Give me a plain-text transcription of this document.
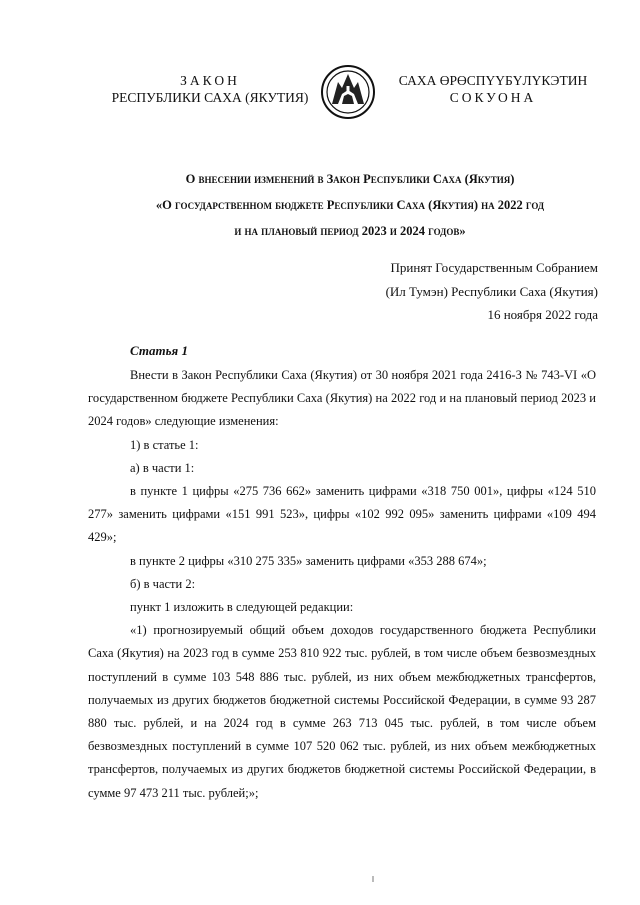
ЗАКОН
РЕСПУБЛИКИ САХА (ЯКУТИЯ)
САХА ӨРӨСПҮҮБҮЛҮКЭТИН
СОКУОНА
О внесении изменений в Закон Республики Саха (Якутия)
«О государственном бюджете Республики Саха (Якутия) на 2022 год
и на плановый период 2023 и 2024 годов»
Принят Государственным Собранием
(Ил Тумэн) Республики Саха (Якутия)
16 ноября 2022 года
Статья 1

Внести в Закон Республики Саха (Якутия) от 30 ноября 2021 года 2416-З № 743-VI «О государственном бюджете Республики Саха (Якутия) на 2022 год и на плановый период 2023 и 2024 годов» следующие изменения:

1) в статье 1:

а) в части 1:

в пункте 1 цифры «275 736 662» заменить цифрами «318 750 001», цифры «124 510 277» заменить цифрами «151 991 523», цифры «102 992 095» заменить цифрами «109 494 429»;

в пункте 2 цифры «310 275 335» заменить цифрами «353 288 674»;

б) в части 2:

пункт 1 изложить в следующей редакции:

«1) прогнозируемый общий объем доходов государственного бюджета Республики Саха (Якутия) на 2023 год в сумме 253 810 922 тыс. рублей, в том числе объем безвозмездных поступлений в сумме 103 548 886 тыс. рублей, из них объем межбюджетных трансфертов, получаемых из других бюджетов бюджетной системы Российской Федерации, в сумме 93 287 880 тыс. рублей, и на 2024 год в сумме 263 713 045 тыс. рублей, в том числе объем безвозмездных поступлений в сумме 107 520 062 тыс. рублей, из них объем межбюджетных трансфертов, получаемых из других бюджетов бюджетной системы Российской Федерации, в сумме 97 473 211 тыс. рублей;»;
